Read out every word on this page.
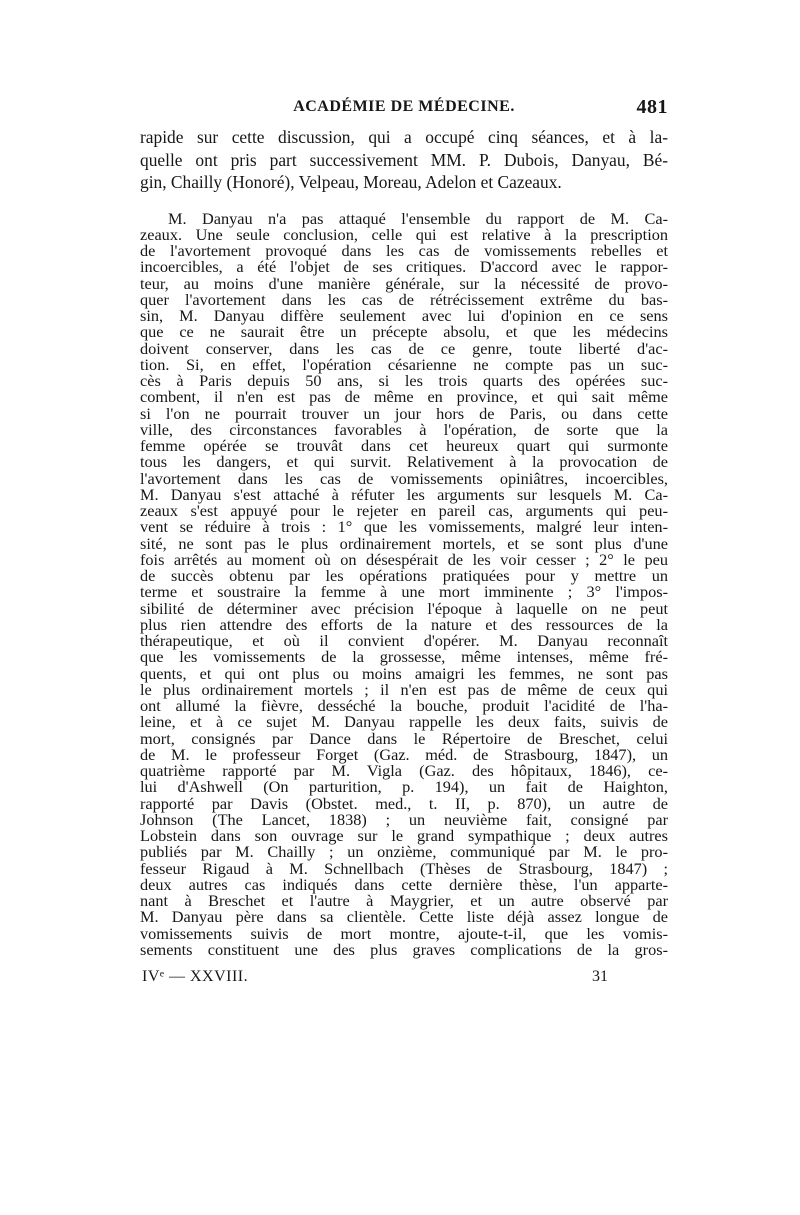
ACADÉMIE DE MÉDECINE.	481

rapide sur cette discussion, qui a occupé cinq séances, et à la-
quelle ont pris part successivement MM. P. Dubois, Danyau, Bé-
gin, Chailly (Honoré), Velpeau, Moreau, Adelon et Cazeaux.

M. Danyau n'a pas attaqué l'ensemble du rapport de M. Ca-
zeaux. Une seule conclusion, celle qui est relative à la prescription
de l'avortement provoqué dans les cas de vomissements rebelles et
incoercibles, a été l'objet de ses critiques. D'accord avec le rappor-
teur, au moins d'une manière générale, sur la nécessité de provo-
quer l'avortement dans les cas de rétrécissement extrême du bas-
sin, M. Danyau diffère seulement avec lui d'opinion en ce sens
que ce ne saurait être un précepte absolu, et que les médecins
doivent conserver, dans les cas de ce genre, toute liberté d'ac-
tion. Si, en effet, l'opération césarienne ne compte pas un suc-
cès à Paris depuis 50 ans, si les trois quarts des opérées suc-
combent, il n'en est pas de même en province, et qui sait même
si l'on ne pourrait trouver un jour hors de Paris, ou dans cette
ville, des circonstances favorables à l'opération, de sorte que la
femme opérée se trouvât dans cet heureux quart qui surmonte
tous les dangers, et qui survit. Relativement à la provocation de
l'avortement dans les cas de vomissements opiniâtres, incoercibles,
M. Danyau s'est attaché à réfuter les arguments sur lesquels M. Ca-
zeaux s'est appuyé pour le rejeter en pareil cas, arguments qui peu-
vent se réduire à trois : 1° que les vomissements, malgré leur inten-
sité, ne sont pas le plus ordinairement mortels, et se sont plus d'une
fois arrêtés au moment où on désespérait de les voir cesser ; 2° le peu
de succès obtenu par les opérations pratiquées pour y mettre un
terme et soustraire la femme à une mort imminente ; 3° l'impos-
sibilité de déterminer avec précision l'époque à laquelle on ne peut
plus rien attendre des efforts de la nature et des ressources de la
thérapeutique, et où il convient d'opérer. M. Danyau reconnaît
que les vomissements de la grossesse, même intenses, même fré-
quents, et qui ont plus ou moins amaigri les femmes, ne sont pas
le plus ordinairement mortels ; il n'en est pas de même de ceux qui
ont allumé la fièvre, desséché la bouche, produit l'acidité de l'ha-
leine, et à ce sujet M. Danyau rappelle les deux faits, suivis de
mort, consignés par Dance dans le Répertoire de Breschet, celui
de M. le professeur Forget (Gaz. méd. de Strasbourg, 1847), un
quatrième rapporté par M. Vigla (Gaz. des hôpitaux, 1846), ce-
lui d'Ashwell (On parturition, p. 194), un fait de Haighton,
rapporté par Davis (Obstet. med., t. II, p. 870), un autre de
Johnson (The Lancet, 1838) ; un neuvième fait, consigné par
Lobstein dans son ouvrage sur le grand sympathique ; deux autres
publiés par M. Chailly ; un onzième, communiqué par M. le pro-
fesseur Rigaud à M. Schnellbach (Thèses de Strasbourg, 1847) ;
deux autres cas indiqués dans cette dernière thèse, l'un apparte-
nant à Breschet et l'autre à Maygrier, et un autre observé par
M. Danyau père dans sa clientèle. Cette liste déjà assez longue de
vomissements suivis de mort montre, ajoute-t-il, que les vomis-
sements constituent une des plus graves complications de la gros-

IVᵉ — XXVIII.	31
